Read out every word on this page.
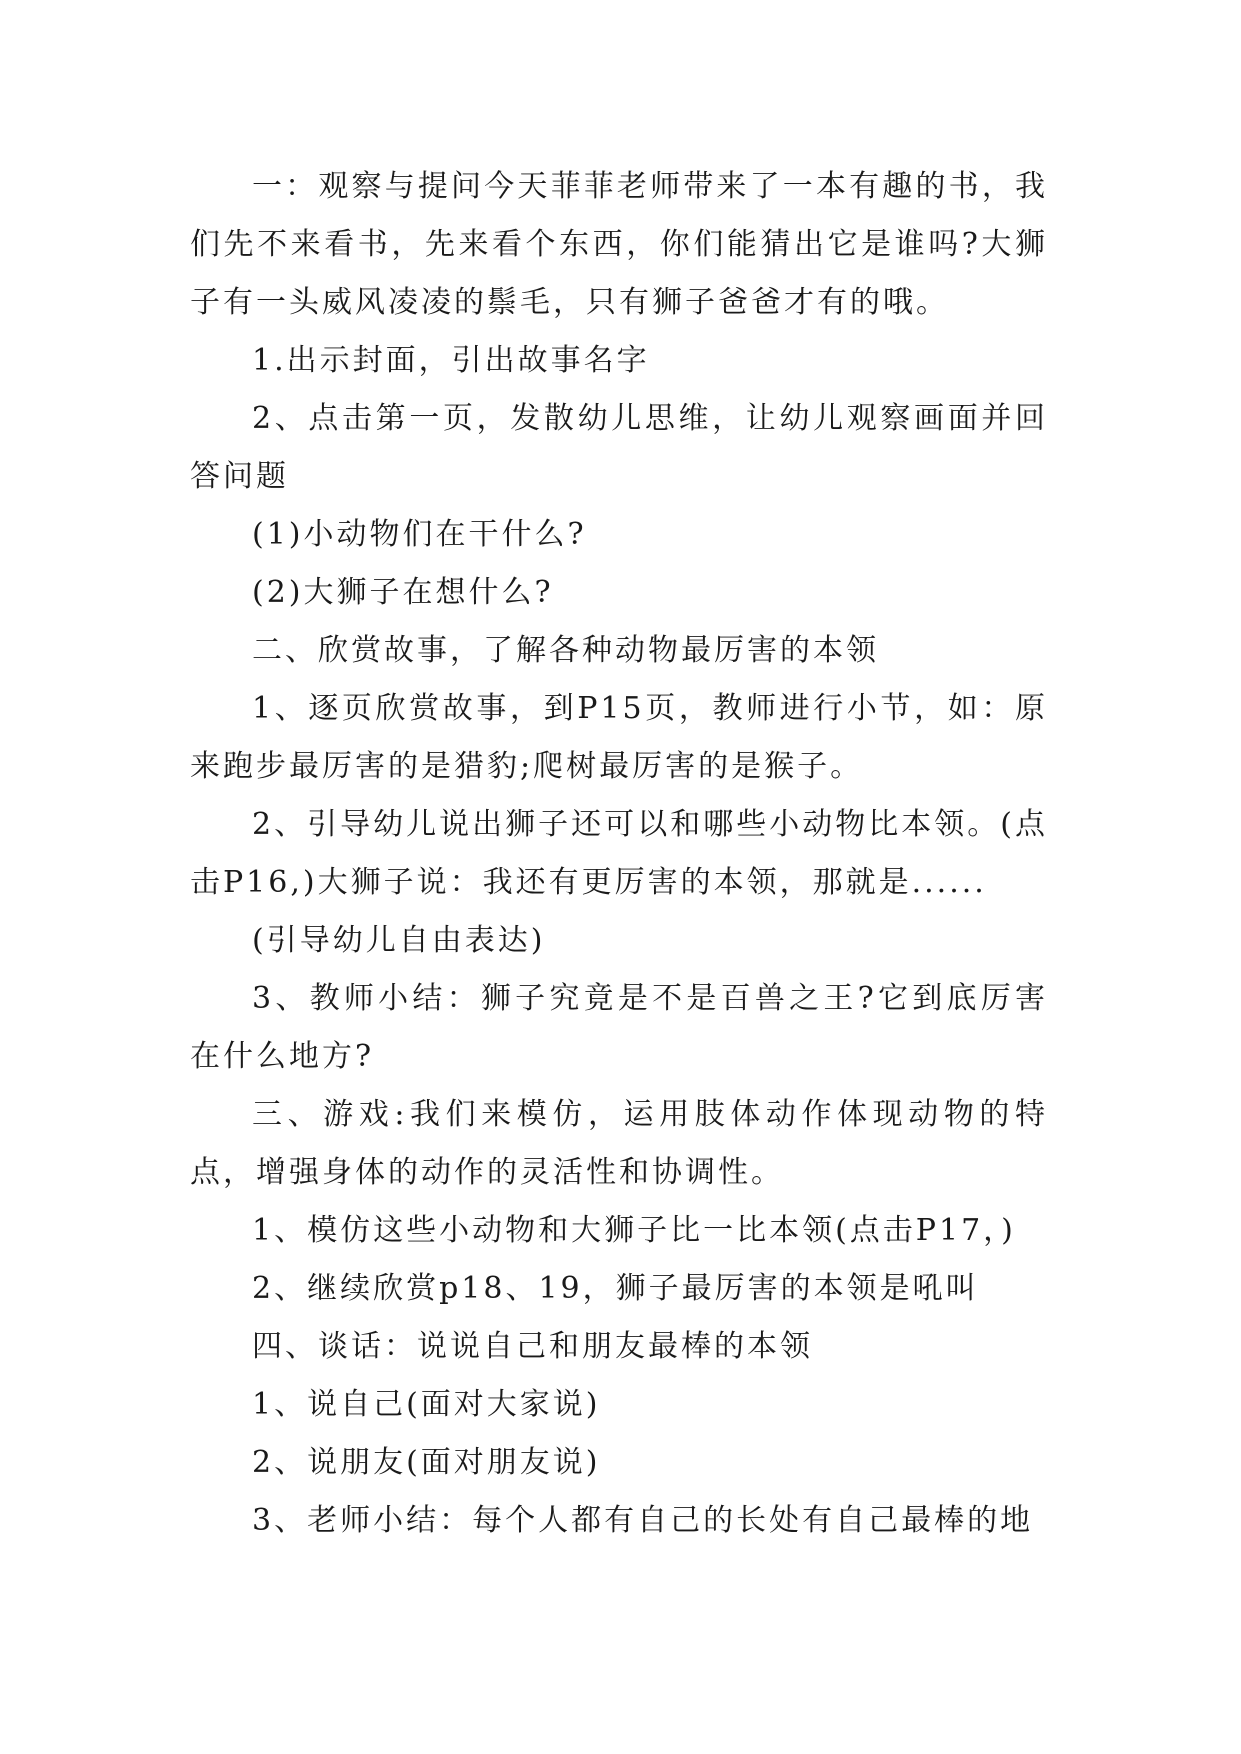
一：观察与提问今天菲菲老师带来了一本有趣的书，我们先不来看书，先来看个东西，你们能猜出它是谁吗?大狮子有一头威风凌凌的鬃毛，只有狮子爸爸才有的哦。

1.出示封面，引出故事名字

2、点击第一页，发散幼儿思维，让幼儿观察画面并回答问题

(1)小动物们在干什么?

(2)大狮子在想什么?

二、欣赏故事，了解各种动物最厉害的本领

1、逐页欣赏故事，到P15页，教师进行小节，如：原来跑步最厉害的是猎豹;爬树最厉害的是猴子。

2、引导幼儿说出狮子还可以和哪些小动物比本领。(点击P16,)大狮子说：我还有更厉害的本领，那就是......

(引导幼儿自由表达)

3、教师小结：狮子究竟是不是百兽之王?它到底厉害在什么地方?

三、游戏:我们来模仿，运用肢体动作体现动物的特点，增强身体的动作的灵活性和协调性。

1、模仿这些小动物和大狮子比一比本领(点击P17，)

2、继续欣赏p18、19，狮子最厉害的本领是吼叫

四、谈话：说说自己和朋友最棒的本领

1、说自己(面对大家说)

2、说朋友(面对朋友说)

3、老师小结：每个人都有自己的长处有自己最棒的地
